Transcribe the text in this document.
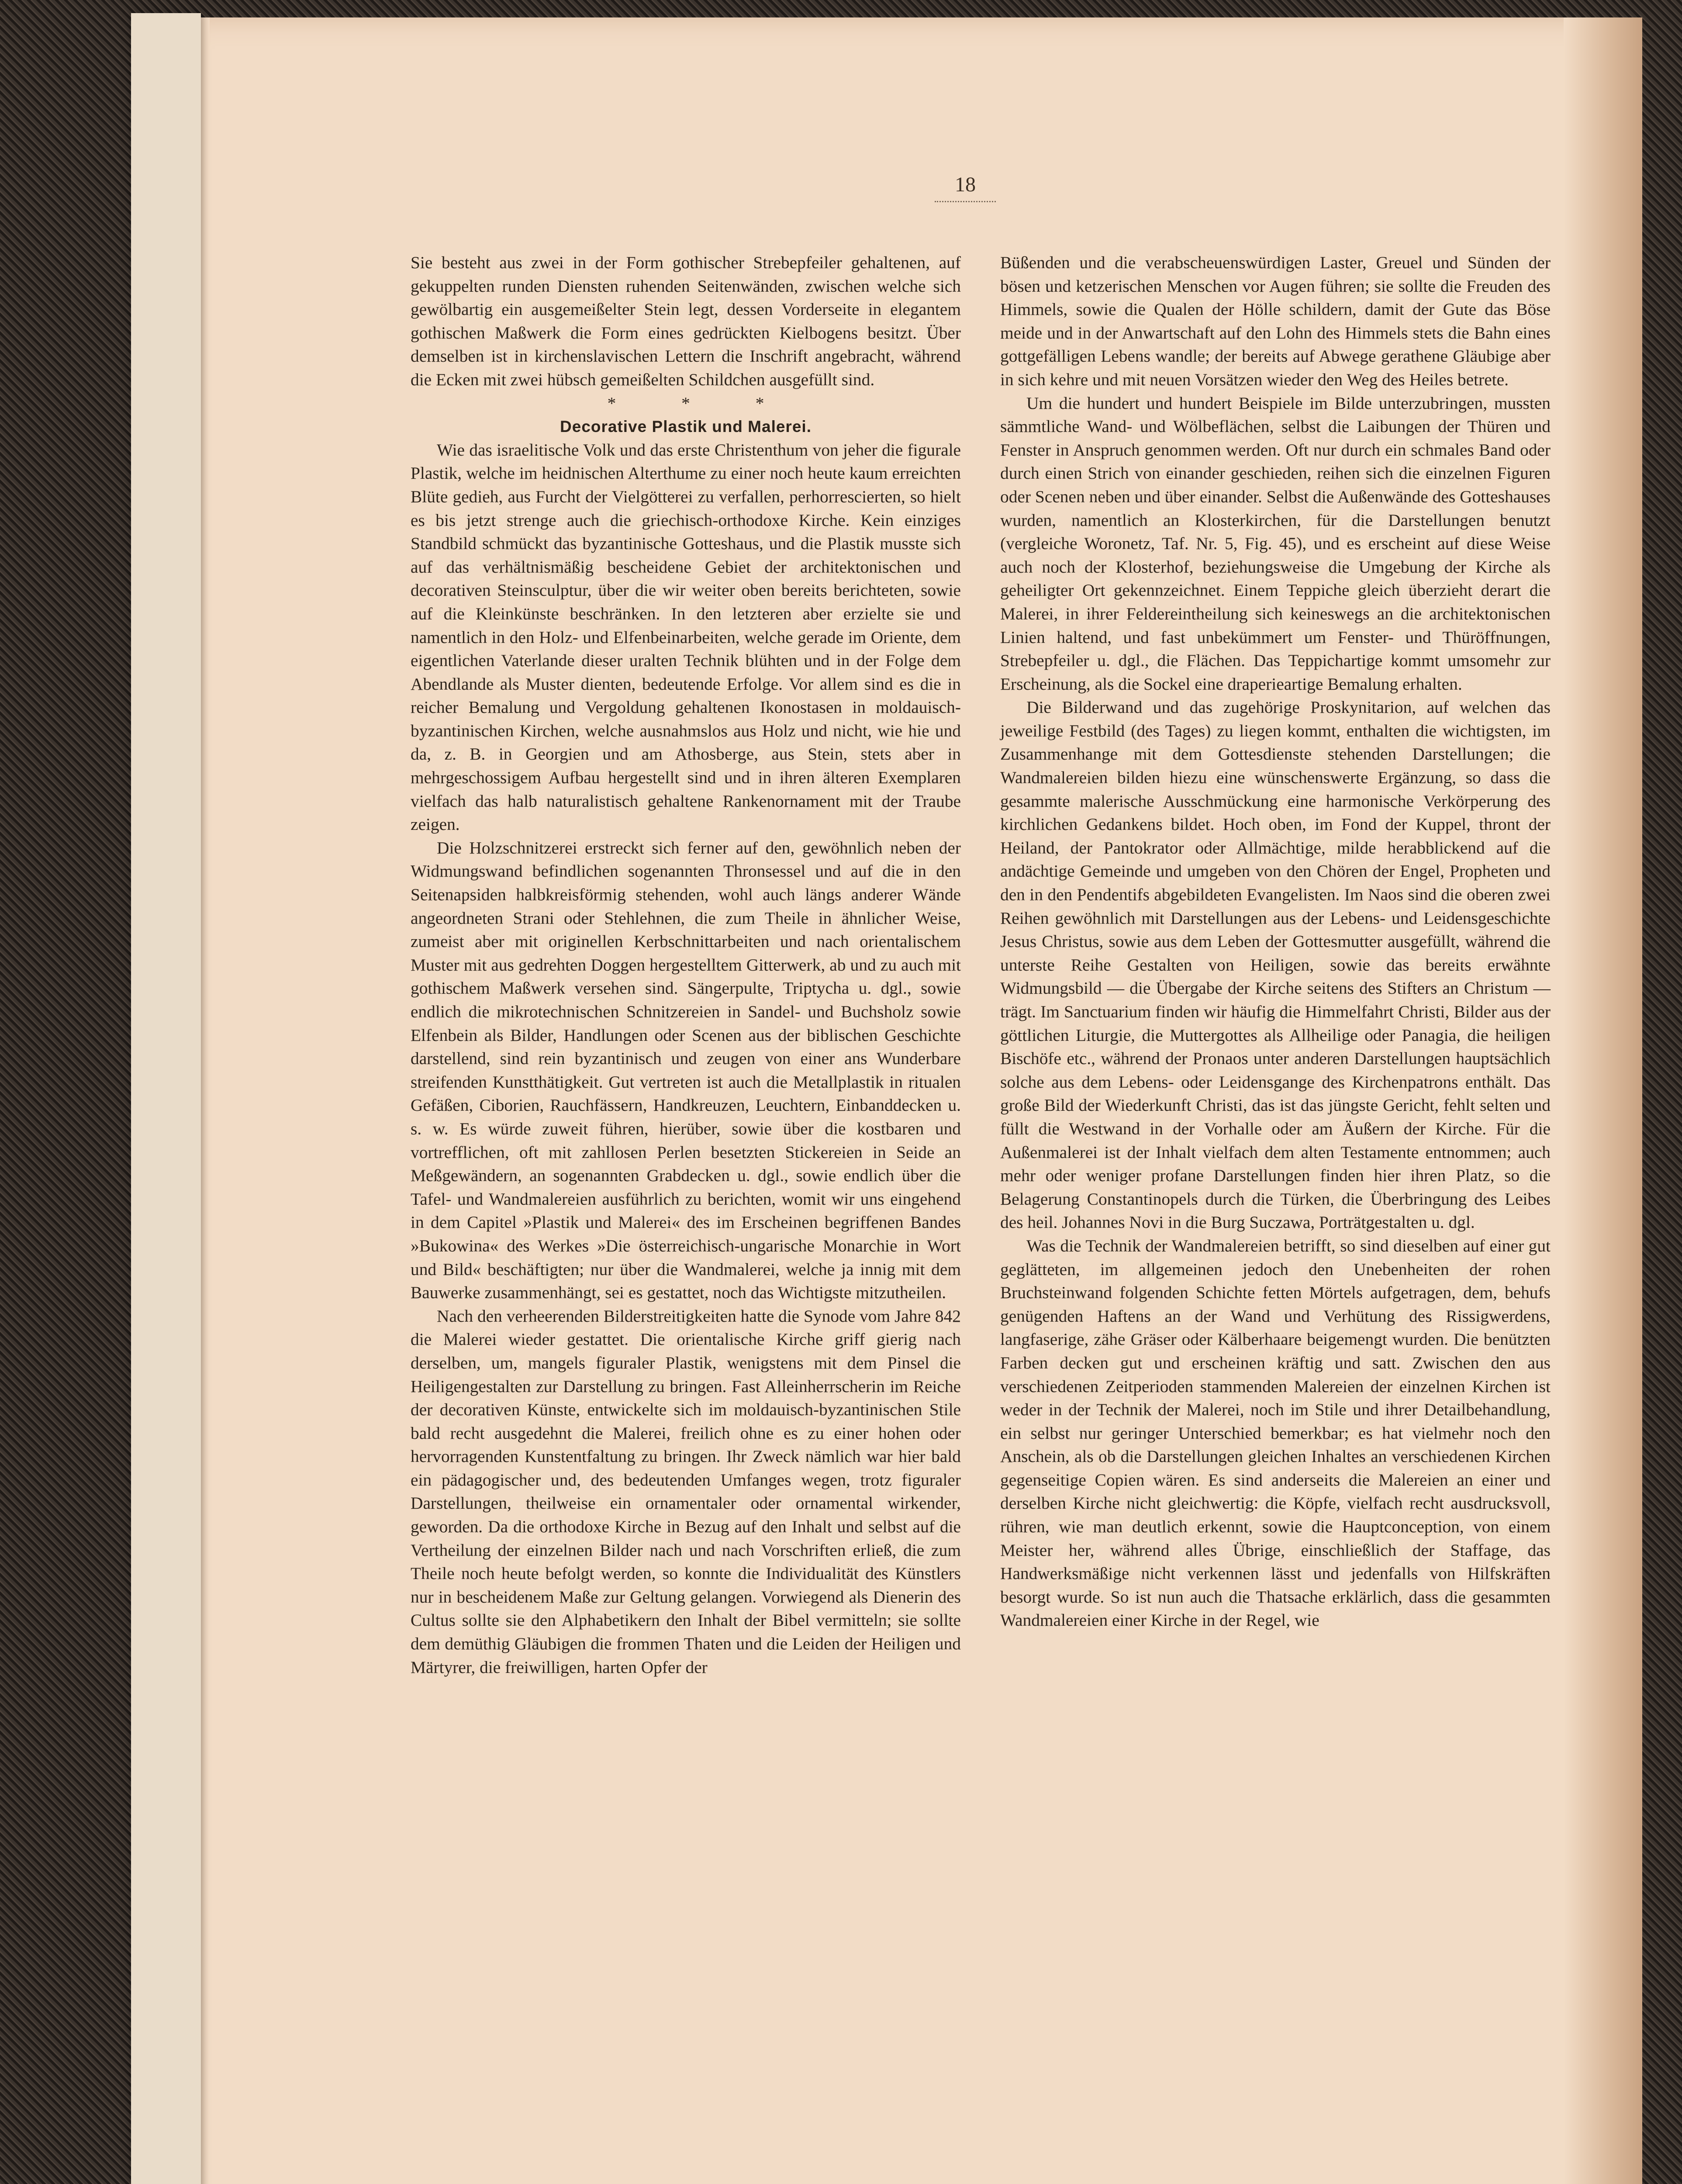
18

Sie besteht aus zwei in der Form gothischer Strebepfeiler gehaltenen, auf gekuppelten runden Diensten ruhenden Seitenwänden, zwischen welche sich gewölbartig ein ausgemeißelter Stein legt, dessen Vorderseite in elegantem gothischen Maßwerk die Form eines gedrückten Kielbogens besitzt. Über demselben ist in kirchenslavischen Lettern die Inschrift angebracht, während die Ecken mit zwei hübsch gemeißelten Schildchen ausgefüllt sind.

* * *

Decorative Plastik und Malerei.

Wie das israelitische Volk und das erste Christenthum von jeher die figurale Plastik, welche im heidnischen Alterthume zu einer noch heute kaum erreichten Blüte gedieh, aus Furcht der Vielgötterei zu verfallen, perhorrescierten, so hielt es bis jetzt strenge auch die griechisch-orthodoxe Kirche. Kein einziges Standbild schmückt das byzantinische Gotteshaus, und die Plastik musste sich auf das verhältnismäßig bescheidene Gebiet der architektonischen und decorativen Steinsculptur, über die wir weiter oben bereits berichteten, sowie auf die Kleinkünste beschränken. In den letzteren aber erzielte sie und namentlich in den Holz- und Elfenbeinarbeiten, welche gerade im Oriente, dem eigentlichen Vaterlande dieser uralten Technik blühten und in der Folge dem Abendlande als Muster dienten, bedeutende Erfolge. Vor allem sind es die in reicher Bemalung und Vergoldung gehaltenen Ikonostasen in moldauisch-byzantinischen Kirchen, welche ausnahmslos aus Holz und nicht, wie hie und da, z. B. in Georgien und am Athosberge, aus Stein, stets aber in mehrgeschossigem Aufbau hergestellt sind und in ihren älteren Exemplaren vielfach das halb naturalistisch gehaltene Rankenornament mit der Traube zeigen.

Die Holzschnitzerei erstreckt sich ferner auf den, gewöhnlich neben der Widmungswand befindlichen sogenannten Thronsessel und auf die in den Seitenapsiden halbkreisförmig stehenden, wohl auch längs anderer Wände angeordneten Strani oder Stehlehnen, die zum Theile in ähnlicher Weise, zumeist aber mit originellen Kerbschnittarbeiten und nach orientalischem Muster mit aus gedrehten Doggen hergestelltem Gitterwerk, ab und zu auch mit gothischem Maßwerk versehen sind. Sängerpulte, Triptycha u. dgl., sowie endlich die mikrotechnischen Schnitzereien in Sandel- und Buchsholz sowie Elfenbein als Bilder, Handlungen oder Scenen aus der biblischen Geschichte darstellend, sind rein byzantinisch und zeugen von einer ans Wunderbare streifenden Kunstthätigkeit. Gut vertreten ist auch die Metallplastik in ritualen Gefäßen, Ciborien, Rauchfässern, Handkreuzen, Leuchtern, Einbanddecken u. s. w. Es würde zuweit führen, hierüber, sowie über die kostbaren und vortrefflichen, oft mit zahllosen Perlen besetzten Stickereien in Seide an Meßgewändern, an sogenannten Grabdecken u. dgl., sowie endlich über die Tafel- und Wandmalereien ausführlich zu berichten, womit wir uns eingehend in dem Capitel »Plastik und Malerei« des im Erscheinen begriffenen Bandes »Bukowina« des Werkes »Die österreichisch-ungarische Monarchie in Wort und Bild« beschäftigten; nur über die Wandmalerei, welche ja innig mit dem Bauwerke zusammenhängt, sei es gestattet, noch das Wichtigste mitzutheilen.

Nach den verheerenden Bilderstreitigkeiten hatte die Synode vom Jahre 842 die Malerei wieder gestattet. Die orientalische Kirche griff gierig nach derselben, um, mangels figuraler Plastik, wenigstens mit dem Pinsel die Heiligengestalten zur Darstellung zu bringen. Fast Alleinherrscherin im Reiche der decorativen Künste, entwickelte sich im moldauisch-byzantinischen Stile bald recht ausgedehnt die Malerei, freilich ohne es zu einer hohen oder hervorragenden Kunstentfaltung zu bringen. Ihr Zweck nämlich war hier bald ein pädagogischer und, des bedeutenden Umfanges wegen, trotz figuraler Darstellungen, theilweise ein ornamentaler oder ornamental wirkender, geworden. Da die orthodoxe Kirche in Bezug auf den Inhalt und selbst auf die Vertheilung der einzelnen Bilder nach und nach Vorschriften erließ, die zum Theile noch heute befolgt werden, so konnte die Individualität des Künstlers nur in bescheidenem Maße zur Geltung gelangen. Vorwiegend als Dienerin des Cultus sollte sie den Alphabetikern den Inhalt der Bibel vermitteln; sie sollte dem demüthig Gläubigen die frommen Thaten und die Leiden der Heiligen und Märtyrer, die freiwilligen, harten Opfer der

Büßenden und die verabscheuenswürdigen Laster, Greuel und Sünden der bösen und ketzerischen Menschen vor Augen führen; sie sollte die Freuden des Himmels, sowie die Qualen der Hölle schildern, damit der Gute das Böse meide und in der Anwartschaft auf den Lohn des Himmels stets die Bahn eines gottgefälligen Lebens wandle; der bereits auf Abwege gerathene Gläubige aber in sich kehre und mit neuen Vorsätzen wieder den Weg des Heiles betrete.

Um die hundert und hundert Beispiele im Bilde unterzubringen, mussten sämmtliche Wand- und Wölbeflächen, selbst die Laibungen der Thüren und Fenster in Anspruch genommen werden. Oft nur durch ein schmales Band oder durch einen Strich von einander geschieden, reihen sich die einzelnen Figuren oder Scenen neben und über einander. Selbst die Außenwände des Gotteshauses wurden, namentlich an Klosterkirchen, für die Darstellungen benutzt (vergleiche Woronetz, Taf. Nr. 5, Fig. 45), und es erscheint auf diese Weise auch noch der Klosterhof, beziehungsweise die Umgebung der Kirche als geheiligter Ort gekennzeichnet. Einem Teppiche gleich überzieht derart die Malerei, in ihrer Feldereintheilung sich keineswegs an die architektonischen Linien haltend, und fast unbekümmert um Fenster- und Thüröffnungen, Strebepfeiler u. dgl., die Flächen. Das Teppichartige kommt umsomehr zur Erscheinung, als die Sockel eine draperieartige Bemalung erhalten.

Die Bilderwand und das zugehörige Proskynitarion, auf welchen das jeweilige Festbild (des Tages) zu liegen kommt, enthalten die wichtigsten, im Zusammenhange mit dem Gottesdienste stehenden Darstellungen; die Wandmalereien bilden hiezu eine wünschenswerte Ergänzung, so dass die gesammte malerische Ausschmückung eine harmonische Verkörperung des kirchlichen Gedankens bildet. Hoch oben, im Fond der Kuppel, thront der Heiland, der Pantokrator oder Allmächtige, milde herabblickend auf die andächtige Gemeinde und umgeben von den Chören der Engel, Propheten und den in den Pendentifs abgebildeten Evangelisten. Im Naos sind die oberen zwei Reihen gewöhnlich mit Darstellungen aus der Lebens- und Leidensgeschichte Jesus Christus, sowie aus dem Leben der Gottesmutter ausgefüllt, während die unterste Reihe Gestalten von Heiligen, sowie das bereits erwähnte Widmungsbild — die Übergabe der Kirche seitens des Stifters an Christum — trägt. Im Sanctuarium finden wir häufig die Himmelfahrt Christi, Bilder aus der göttlichen Liturgie, die Muttergottes als Allheilige oder Panagia, die heiligen Bischöfe etc., während der Pronaos unter anderen Darstellungen hauptsächlich solche aus dem Lebens- oder Leidensgange des Kirchenpatrons enthält. Das große Bild der Wiederkunft Christi, das ist das jüngste Gericht, fehlt selten und füllt die Westwand in der Vorhalle oder am Äußern der Kirche. Für die Außenmalerei ist der Inhalt vielfach dem alten Testamente entnommen; auch mehr oder weniger profane Darstellungen finden hier ihren Platz, so die Belagerung Constantinopels durch die Türken, die Überbringung des Leibes des heil. Johannes Novi in die Burg Suczawa, Porträtgestalten u. dgl.

Was die Technik der Wandmalereien betrifft, so sind dieselben auf einer gut geglätteten, im allgemeinen jedoch den Unebenheiten der rohen Bruchsteinwand folgenden Schichte fetten Mörtels aufgetragen, dem, behufs genügenden Haftens an der Wand und Verhütung des Rissigwerdens, langfaserige, zähe Gräser oder Kälberhaare beigemengt wurden. Die benützten Farben decken gut und erscheinen kräftig und satt. Zwischen den aus verschiedenen Zeitperioden stammenden Malereien der einzelnen Kirchen ist weder in der Technik der Malerei, noch im Stile und ihrer Detailbehandlung, ein selbst nur geringer Unterschied bemerkbar; es hat vielmehr noch den Anschein, als ob die Darstellungen gleichen Inhaltes an verschiedenen Kirchen gegenseitige Copien wären. Es sind anderseits die Malereien an einer und derselben Kirche nicht gleichwertig: die Köpfe, vielfach recht ausdrucksvoll, rühren, wie man deutlich erkennt, sowie die Hauptconception, von einem Meister her, während alles Übrige, einschließlich der Staffage, das Handwerksmäßige nicht verkennen lässt und jedenfalls von Hilfskräften besorgt wurde. So ist nun auch die Thatsache erklärlich, dass die gesammten Wandmalereien einer Kirche in der Regel, wie
